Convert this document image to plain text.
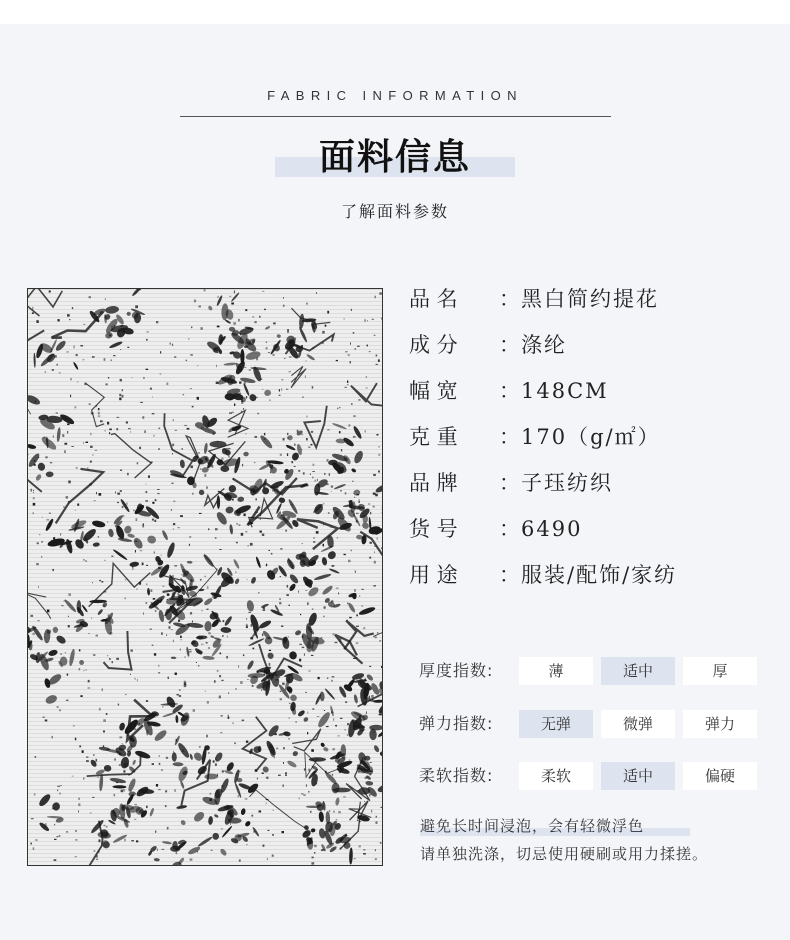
FABRIC INFORMATION
面料信息
了解面料参数
品 名 ：黑白简约提花
成 分 ：涤纶
幅 宽 ：148CM
克 重 ：170（g/㎡）
品 牌 ：子珏纺织
货 号 ：6490
用 途 ：服装/配饰/家纺
厚度指数:	薄	适中	厚
弹力指数:	无弹	微弹	弹力
柔软指数:	柔软	适中	偏硬
避免长时间浸泡，会有轻微浮色
请单独洗涤，切忌使用硬刷或用力揉搓。
